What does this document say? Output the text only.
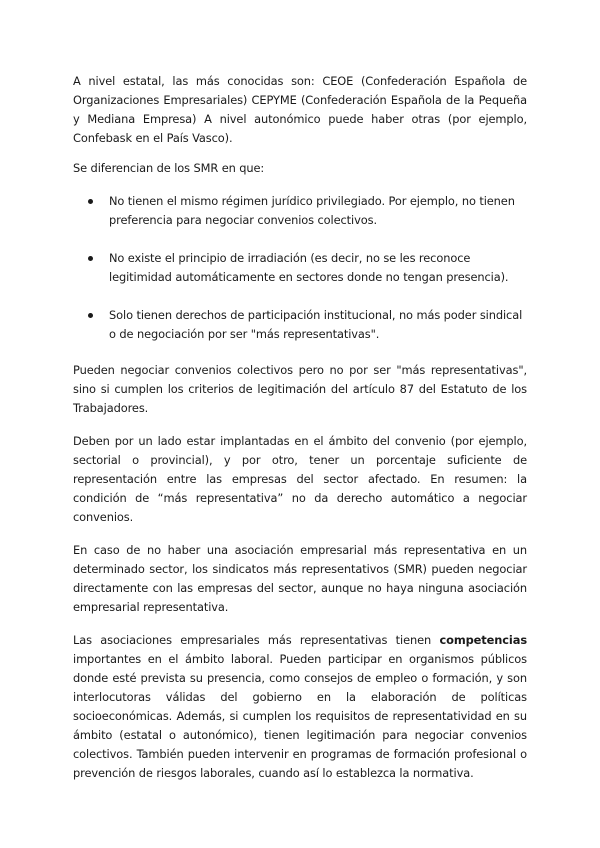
A nivel estatal, las más conocidas son: CEOE (Confederación Española de Organizaciones Empresariales) CEPYME (Confederación Española de la Pequeña y Mediana Empresa) A nivel autonómico puede haber otras (por ejemplo, Confebask en el País Vasco).

Se diferencian de los SMR en que:

No tienen el mismo régimen jurídico privilegiado. Por ejemplo, no tienen preferencia para negociar convenios colectivos.
No existe el principio de irradiación (es decir, no se les reconoce legitimidad automáticamente en sectores donde no tengan presencia).
Solo tienen derechos de participación institucional, no más poder sindical o de negociación por ser "más representativas".

Pueden negociar convenios colectivos pero no por ser "más representativas", sino si cumplen los criterios de legitimación del artículo 87 del Estatuto de los Trabajadores.

Deben por un lado estar implantadas en el ámbito del convenio (por ejemplo, sectorial o provincial), y por otro, tener un porcentaje suficiente de representación entre las empresas del sector afectado. En resumen: la condición de “más representativa” no da derecho automático a negociar convenios.

En caso de no haber una asociación empresarial más representativa en un determinado sector, los sindicatos más representativos (SMR) pueden negociar directamente con las empresas del sector, aunque no haya ninguna asociación empresarial representativa.

Las asociaciones empresariales más representativas tienen competencias importantes en el ámbito laboral. Pueden participar en organismos públicos donde esté prevista su presencia, como consejos de empleo o formación, y son interlocutoras válidas del gobierno en la elaboración de políticas socioeconómicas. Además, si cumplen los requisitos de representatividad en su ámbito (estatal o autonómico), tienen legitimación para negociar convenios colectivos. También pueden intervenir en programas de formación profesional o prevención de riesgos laborales, cuando así lo establezca la normativa.
